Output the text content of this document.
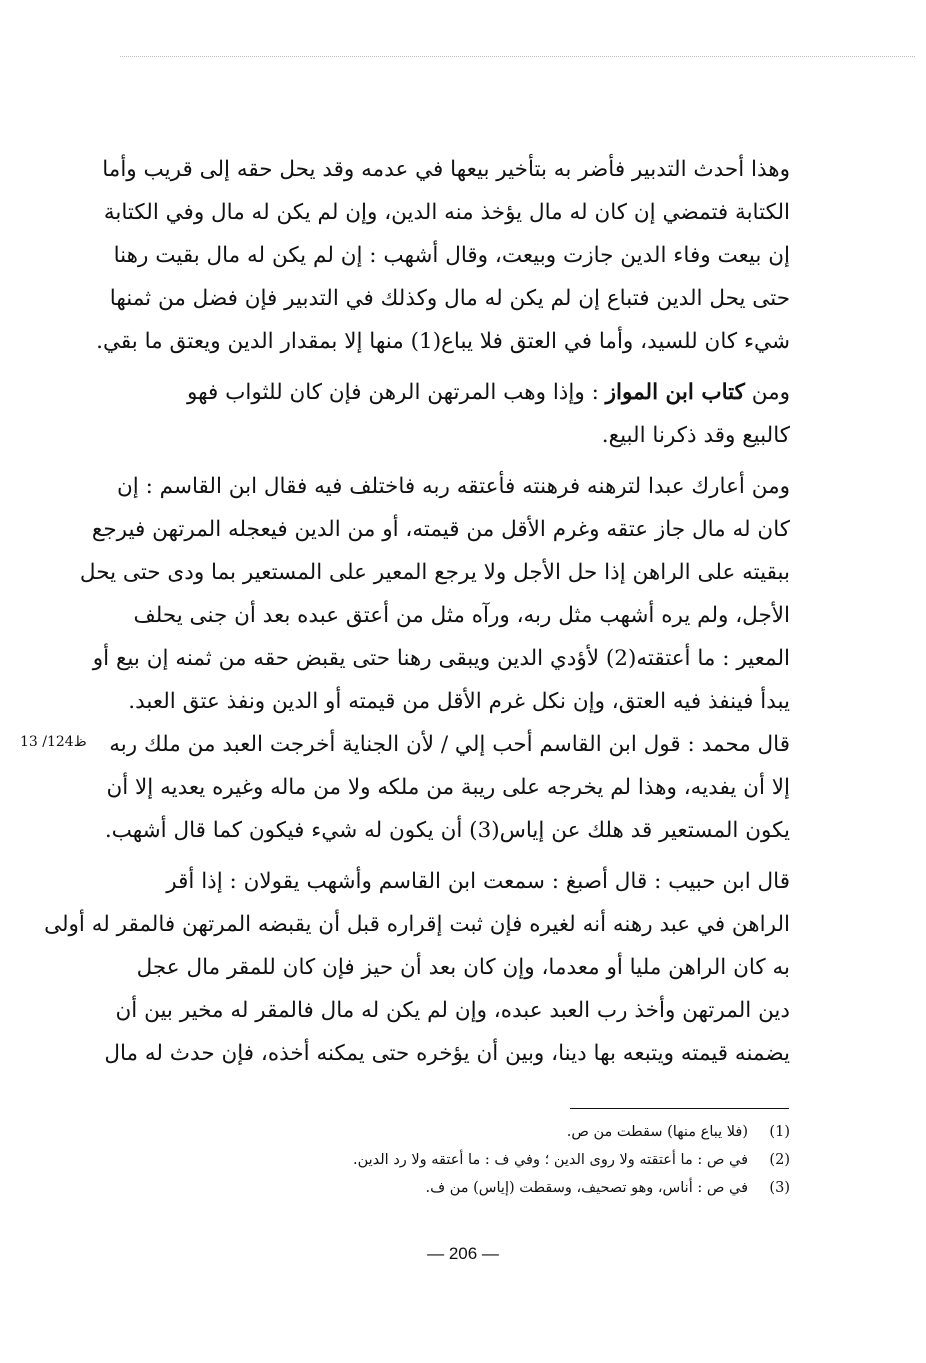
وهذا أحدث التدبير فأضر به بتأخير بيعها في عدمه وقد يحل حقه إلى قريب وأما
الكتابة فتمضي إن كان له مال يؤخذ منه الدين، وإن لم يكن له مال وفي الكتابة
إن بيعت وفاء الدين جازت وبيعت، وقال أشهب : إن لم يكن له مال بقيت رهنا
حتى يحل الدين فتباع إن لم يكن له مال وكذلك في التدبير فإن فضل من ثمنها
شيء كان للسيد، وأما في العتق فلا يباع(1) منها إلا بمقدار الدين ويعتق ما بقي.

ومن كتاب ابن المواز : وإذا وهب المرتهن الرهن فإن كان للثواب فهو
كالبيع وقد ذكرنا البيع.

ومن أعارك عبدا لترهنه فرهنته فأعتقه ربه فاختلف فيه فقال ابن القاسم : إن
كان له مال جاز عتقه وغرم الأقل من قيمته، أو من الدين فيعجله المرتهن فيرجع
ببقيته على الراهن إذا حل الأجل ولا يرجع المعير على المستعير بما ودى حتى يحل
الأجل، ولم يره أشهب مثل ربه، ورآه مثل من أعتق عبده بعد أن جنى يحلف
المعير : ما أعتقته(2) لأؤدي الدين ويبقى رهنا حتى يقبض حقه من ثمنه إن بيع أو
يبدأ فينفذ فيه العتق، وإن نكل غرم الأقل من قيمته أو الدين ونفذ عتق العبد.
قال محمد : قول ابن القاسم أحب إلي / لأن الجناية أخرجت العبد من ملك ربه
إلا أن يفديه، وهذا لم يخرجه على ريبة من ملكه ولا من ماله وغيره يعديه إلا أن
يكون المستعير قد هلك عن إياس(3) أن يكون له شيء فيكون كما قال أشهب.

قال ابن حبيب : قال أصبغ : سمعت ابن القاسم وأشهب يقولان : إذا أقر
الراهن في عبد رهنه أنه لغيره فإن ثبت إقراره قبل أن يقبضه المرتهن فالمقر له أولى
به كان الراهن مليا أو معدما، وإن كان بعد أن حيز فإن كان للمقر مال عجل
دين المرتهن وأخذ رب العبد عبده، وإن لم يكن له مال فالمقر له مخير بين أن
يضمنه قيمته ويتبعه بها دينا، وبين أن يؤخره حتى يمكنه أخذه، فإن حدث له مال

13 /124ظ
(1)
(فلا يباع منها) سقطت من ص.
(2)
في ص : ما أعتقته ولا روى الدين ؛ وفي ف : ما أعتقه ولا رد الدين.
(3)
في ص : أناس، وهو تصحيف، وسقطت (إياس) من ف.
— 206 —
